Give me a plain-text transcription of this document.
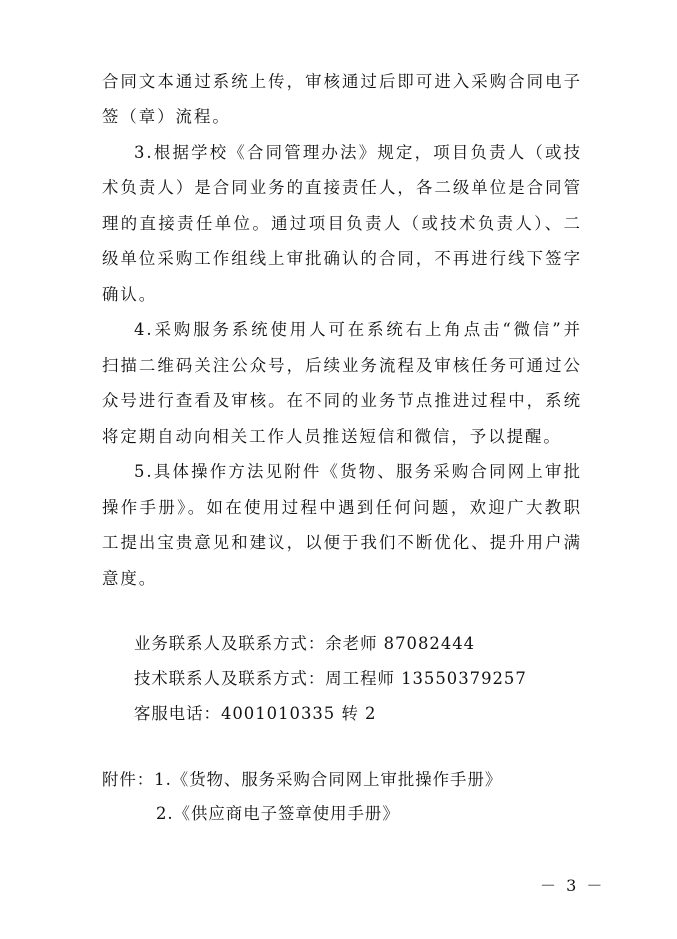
合同文本通过系统上传，审核通过后即可进入采购合同电子
签（章）流程。
3.根据学校《合同管理办法》规定，项目负责人（或技
术负责人）是合同业务的直接责任人，各二级单位是合同管
理的直接责任单位。通过项目负责人（或技术负责人）、二
级单位采购工作组线上审批确认的合同，不再进行线下签字
确认。
4.采购服务系统使用人可在系统右上角点击“微信”并
扫描二维码关注公众号，后续业务流程及审核任务可通过公
众号进行查看及审核。在不同的业务节点推进过程中，系统
将定期自动向相关工作人员推送短信和微信，予以提醒。
5.具体操作方法见附件《货物、服务采购合同网上审批
操作手册》。如在使用过程中遇到任何问题，欢迎广大教职
工提出宝贵意见和建议，以便于我们不断优化、提升用户满
意度。
业务联系人及联系方式：余老师 87082444
技术联系人及联系方式：周工程师 13550379257
客服电话：4001010335 转 2
附件：1.《货物、服务采购合同网上审批操作手册》
2.《供应商电子签章使用手册》
－ 3 －
